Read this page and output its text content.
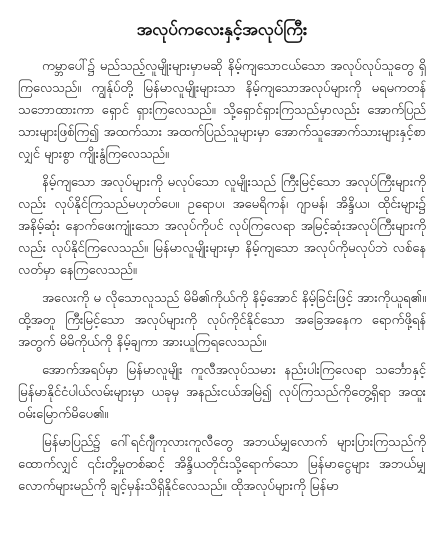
အလုပ်ကလေးနှင့်အလုပ်ကြီး

ကမ္ဘာပေါ်၌ မည်သည့်လူမျိုးများမှာမဆို နိမ့်ကျသောငယ်သော အလုပ်လုပ်သူတွေ ရှိကြလေသည်။ ကျွန်ုပ်တို့ မြန်မာလူမျိုးများသာ နိမ့်ကျသောအလုပ်များကို မရမကတန်သဘောထားကာ ရှောင် ရှားကြလေသည်။ သို့ရှောင်ရှားကြသည်မှာလည်း အောက်ပြည်သားများဖြစ်ကြ၍ အထက်သား အထက်ပြည်သူများမှာ အောက်သူအောက်သားများနှင့်စာလျှင် များစွာ ကျိုးနွံကြလေသည်။

နိမ့်ကျသော အလုပ်များကို မလုပ်သော လူမျိုးသည် ကြီးမြင့်သော အလုပ်ကြီးများကိုလည်း လုပ်နိုင်ကြသည်မဟုတ်ပေ။ ဥရောပ၊ အမေရိကန်၊ ဂျာမန်၊ အိန္ဒိယ၊ ထိုင်းများ၌ အနိမ့်ဆုံး နောက်ဖေးကျုံးသော အလုပ်ကိုပင် လုပ်ကြလေရာ အမြင့်ဆုံးအလုပ်ကြီးများကိုလည်း လုပ်နိုင်ကြလေသည်။ မြန်မာလူမျိုးများမှာ နိမ့်ကျသော အလုပ်ကိုမလုပ်ဘဲ လစ်နေလတ်မှာ နေကြလေသည်။

အလေးကို မ လိုသောလူသည် မိမိ၏ကိုယ်ကို နိမ့်အောင် နိမ့်ခြင်းဖြင့် အားကိုယူရ၏။ ထို့အတူ ကြီးမြင့်သော အလုပ်များကို လုပ်ကိုင်နိုင်သော အခြေအနေက ရောက်ဖို့ရန်အတွက် မိမိကိုယ်ကို နိမ့်ချကာ အားယူကြရလေသည်။

အောက်အရပ်မှာ မြန်မာလူမျိုး ကူလီအလုပ်သမား နည်းပါးကြလေရာ သင်္ဘောနှင့် မြန်မာနိုင်ငံပါယ်လမ်းများမှာ ယခုမှ အနည်းငယ်အမြဲ၍ လုပ်ကြသည်ကိုတွေ့ရှိရာ အထူးဝမ်းမြောက်မိပေ၏။

မြန်မာပြည်၌ ဂေါ်ရင်ဂျီကုလားကူလီတွေ အဘယ်မျှလောက် များပြားကြသည်ကိုထောက်လျှင် ၎င်းတို့မှုတစ်ဆင့် အိန္ဒိယတိုင်းသို့ရောက်သော မြန်မာငွေများ အဘယ်မျှလောက်များမည်ကို ချင့်မှန်းသိရှိနိုင်လေသည်။ ထိုအလုပ်များကို မြန်မာ
